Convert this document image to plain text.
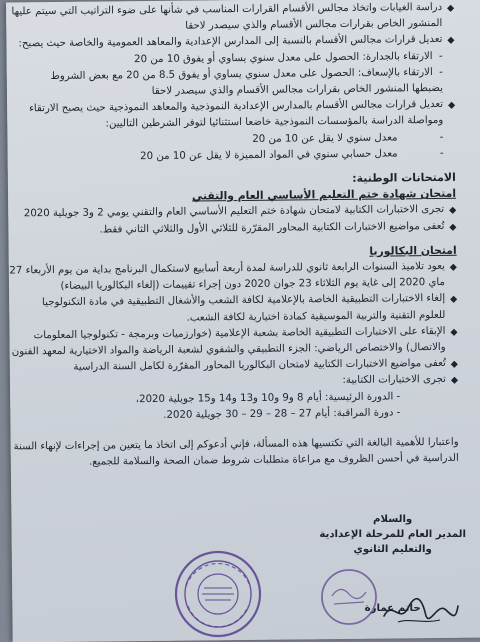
دراسة الغيابات واتخاذ مجالس الأقسام القرارات المناسب في شأنها على ضوء التراتيب التي سيتم عليها
المنشور الخاص بقرارات مجالس الأقسام والذي سيصدر لاحقا
تعديل قرارات مجالس الأقسام بالنسبة إلى المدارس الإعدادية والمعاهد العمومية والخاصة حيث يصبح:
- الارتقاء بالجدارة: الحصول على معدل سنوي يساوي أو يفوق 10 من 20
- الارتقاء بالإسعاف: الحصول على معدل سنوي يساوي أو يفوق 8.5 من 20 مع بعض الشروط
يضبطها المنشور الخاص بقرارات مجالس الأقسام والذي سيصدر لاحقا
تعديل قرارات مجالس الأقسام بالمدارس الإعدادية النموذجية والمعاهد النموذجية حيث يصبح الارتقاء
ومواصلة الدراسة بالمؤسسات النموذجية خاضعا استثنائيا لتوفر الشرطين التاليين:
- معدل سنوي لا يقل عن 10 من 20
- معدل حسابي سنوي في المواد المميزة لا يقل عن 10 من 20
الامتحانات الوطنية:
امتحان شهادة ختم التعليم الأساسي العام والتقني
تجرى الاختبارات الكتابية لامتحان شهادة ختم التعليم الأساسي العام والتقني يومي 2 و3 جويلية 2020
تُعفى مواضيع الاختبارات الكتابية المحاور المقرّرة للثلاثي الأول والثلاثي الثاني فقط.
امتحان البكالوريا
يعود تلاميذ السنوات الرابعة ثانوي للدراسة لمدة أربعة أسابيع لاستكمال البرنامج بداية من يوم الأربعاء 27
ماي 2020 إلى غاية يوم الثلاثاء 23 جوان 2020 دون إجراء تقييمات (إلغاء البكالوريا البيضاء)
إلغاء الاختبارات التطبيقية الخاصة بالإعلامية لكافة الشعب والأشغال التطبيقية في مادة التكنولوجيا
للعلوم التقنية والتربية الموسيقية كمادة اختيارية لكافة الشعب.
الإبقاء على الاختبارات التطبيقية الخاصة بشعبة الإعلامية (خوارزميات وبرمجة - تكنولوجيا المعلومات
والاتصال) والاختصاص الرياضي: الجزء التطبيقي والشفوي لشعبة الرياضة والمواد الاختيارية لمعهد الفنون
تُعفى مواضيع الاختبارات الكتابية لامتحان البكالوريا المحاور المقرّرة لكامل السنة الدراسية
تجرى الاختبارات الكتابية:
- الدورة الرئيسية: أيام 8 و9 و10 و13 و14 و15 جويلية 2020،
- دورة المراقبة: أيام 27 – 28 – 29 – 30 جويلية 2020.
واعتبارا للأهمية البالغة التي تكتسيها هذه المسألة، فإني أدعوكم إلى اتخاذ ما يتعين من إجراءات لإنهاء السنة
الدراسية في أحسن الظروف مع مراعاة متطلبات شروط ضمان الصحة والسلامة للجميع.
والسلام
المدير العام للمرحلة الإعدادية
والتعليم الثانوي
حاتم عمارة
